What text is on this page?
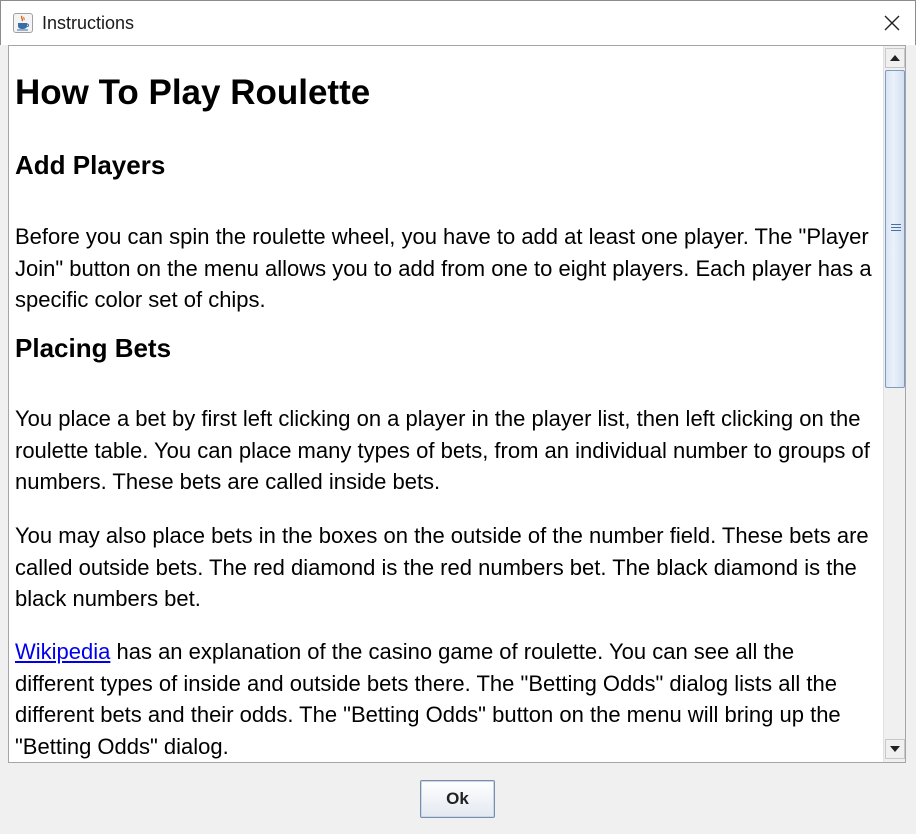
Instructions
How To Play Roulette
Add Players

Before you can spin the roulette wheel, you have to add at least one player. The "Player Join" button on the menu allows you to add from one to eight players. Each player has a specific color set of chips.

Placing Bets

You place a bet by first left clicking on a player in the player list, then left clicking on the roulette table. You can place many types of bets, from an individual number to groups of numbers. These bets are called inside bets.

You may also place bets in the boxes on the outside of the number field. These bets are called outside bets. The red diamond is the red numbers bet. The black diamond is the black numbers bet.

Wikipedia has an explanation of the casino game of roulette. You can see all the different types of inside and outside bets there. The "Betting Odds" dialog lists all the different bets and their odds. The "Betting Odds" button on the menu will bring up the "Betting Odds" dialog.

Ok
